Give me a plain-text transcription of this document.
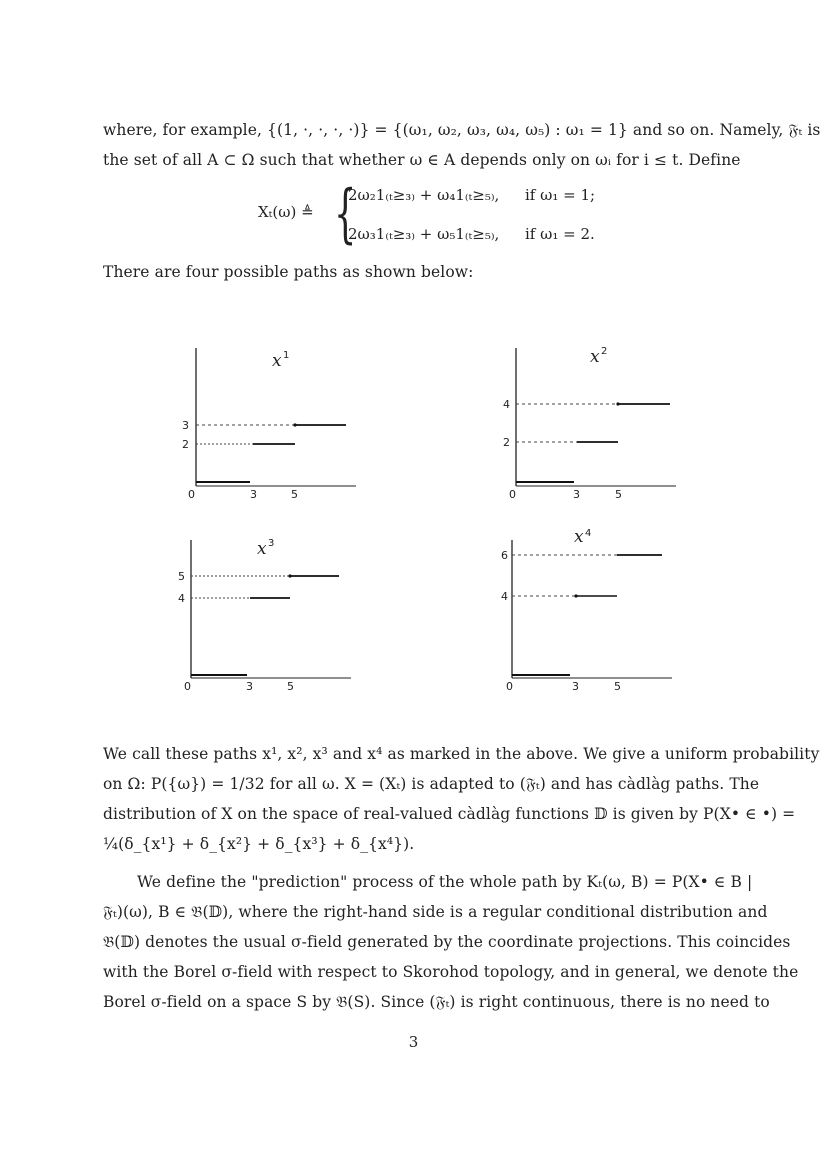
where, for example, {(1, ·, ·, ·, ·)} = {(ω₁, ω₂, ω₃, ω₄, ω₅) : ω₁ = 1} and so on. Namely, 𝔉ₜ is
the set of all A ⊂ Ω such that whether ω ∈ A depends only on ωᵢ for i ≤ t. Define
Xₜ(ω) ≜ {
2ω₂1₍ₜ≥₃₎ + ω₄1₍ₜ≥₅₎, if ω₁ = 1;
2ω₃1₍ₜ≥₃₎ + ω₅1₍ₜ≥₅₎, if ω₁ = 2.
There are four possible paths as shown below:
3
2
0	3	5
x 1
4
2
0	3	5
x 2
5
4
0	3	5
x 3
6
4
0	3	5
x 4
We call these paths x¹, x², x³ and x⁴ as marked in the above. We give a uniform probability
on Ω: P({ω}) = 1/32 for all ω. X = (Xₜ) is adapted to (𝔉ₜ) and has càdlàg paths. The
distribution of X on the space of real-valued càdlàg functions 𝔻 is given by P(X• ∈ •) =
¼(δ_{x¹} + δ_{x²} + δ_{x³} + δ_{x⁴}).
We define the "prediction" process of the whole path by Kₜ(ω, B) = P(X• ∈ B |
𝔉ₜ)(ω), B ∈ 𝔅(𝔻), where the right-hand side is a regular conditional distribution and
𝔅(𝔻) denotes the usual σ-field generated by the coordinate projections. This coincides
with the Borel σ-field with respect to Skorohod topology, and in general, we denote the
Borel σ-field on a space S by 𝔅(S). Since (𝔉ₜ) is right continuous, there is no need to
3
